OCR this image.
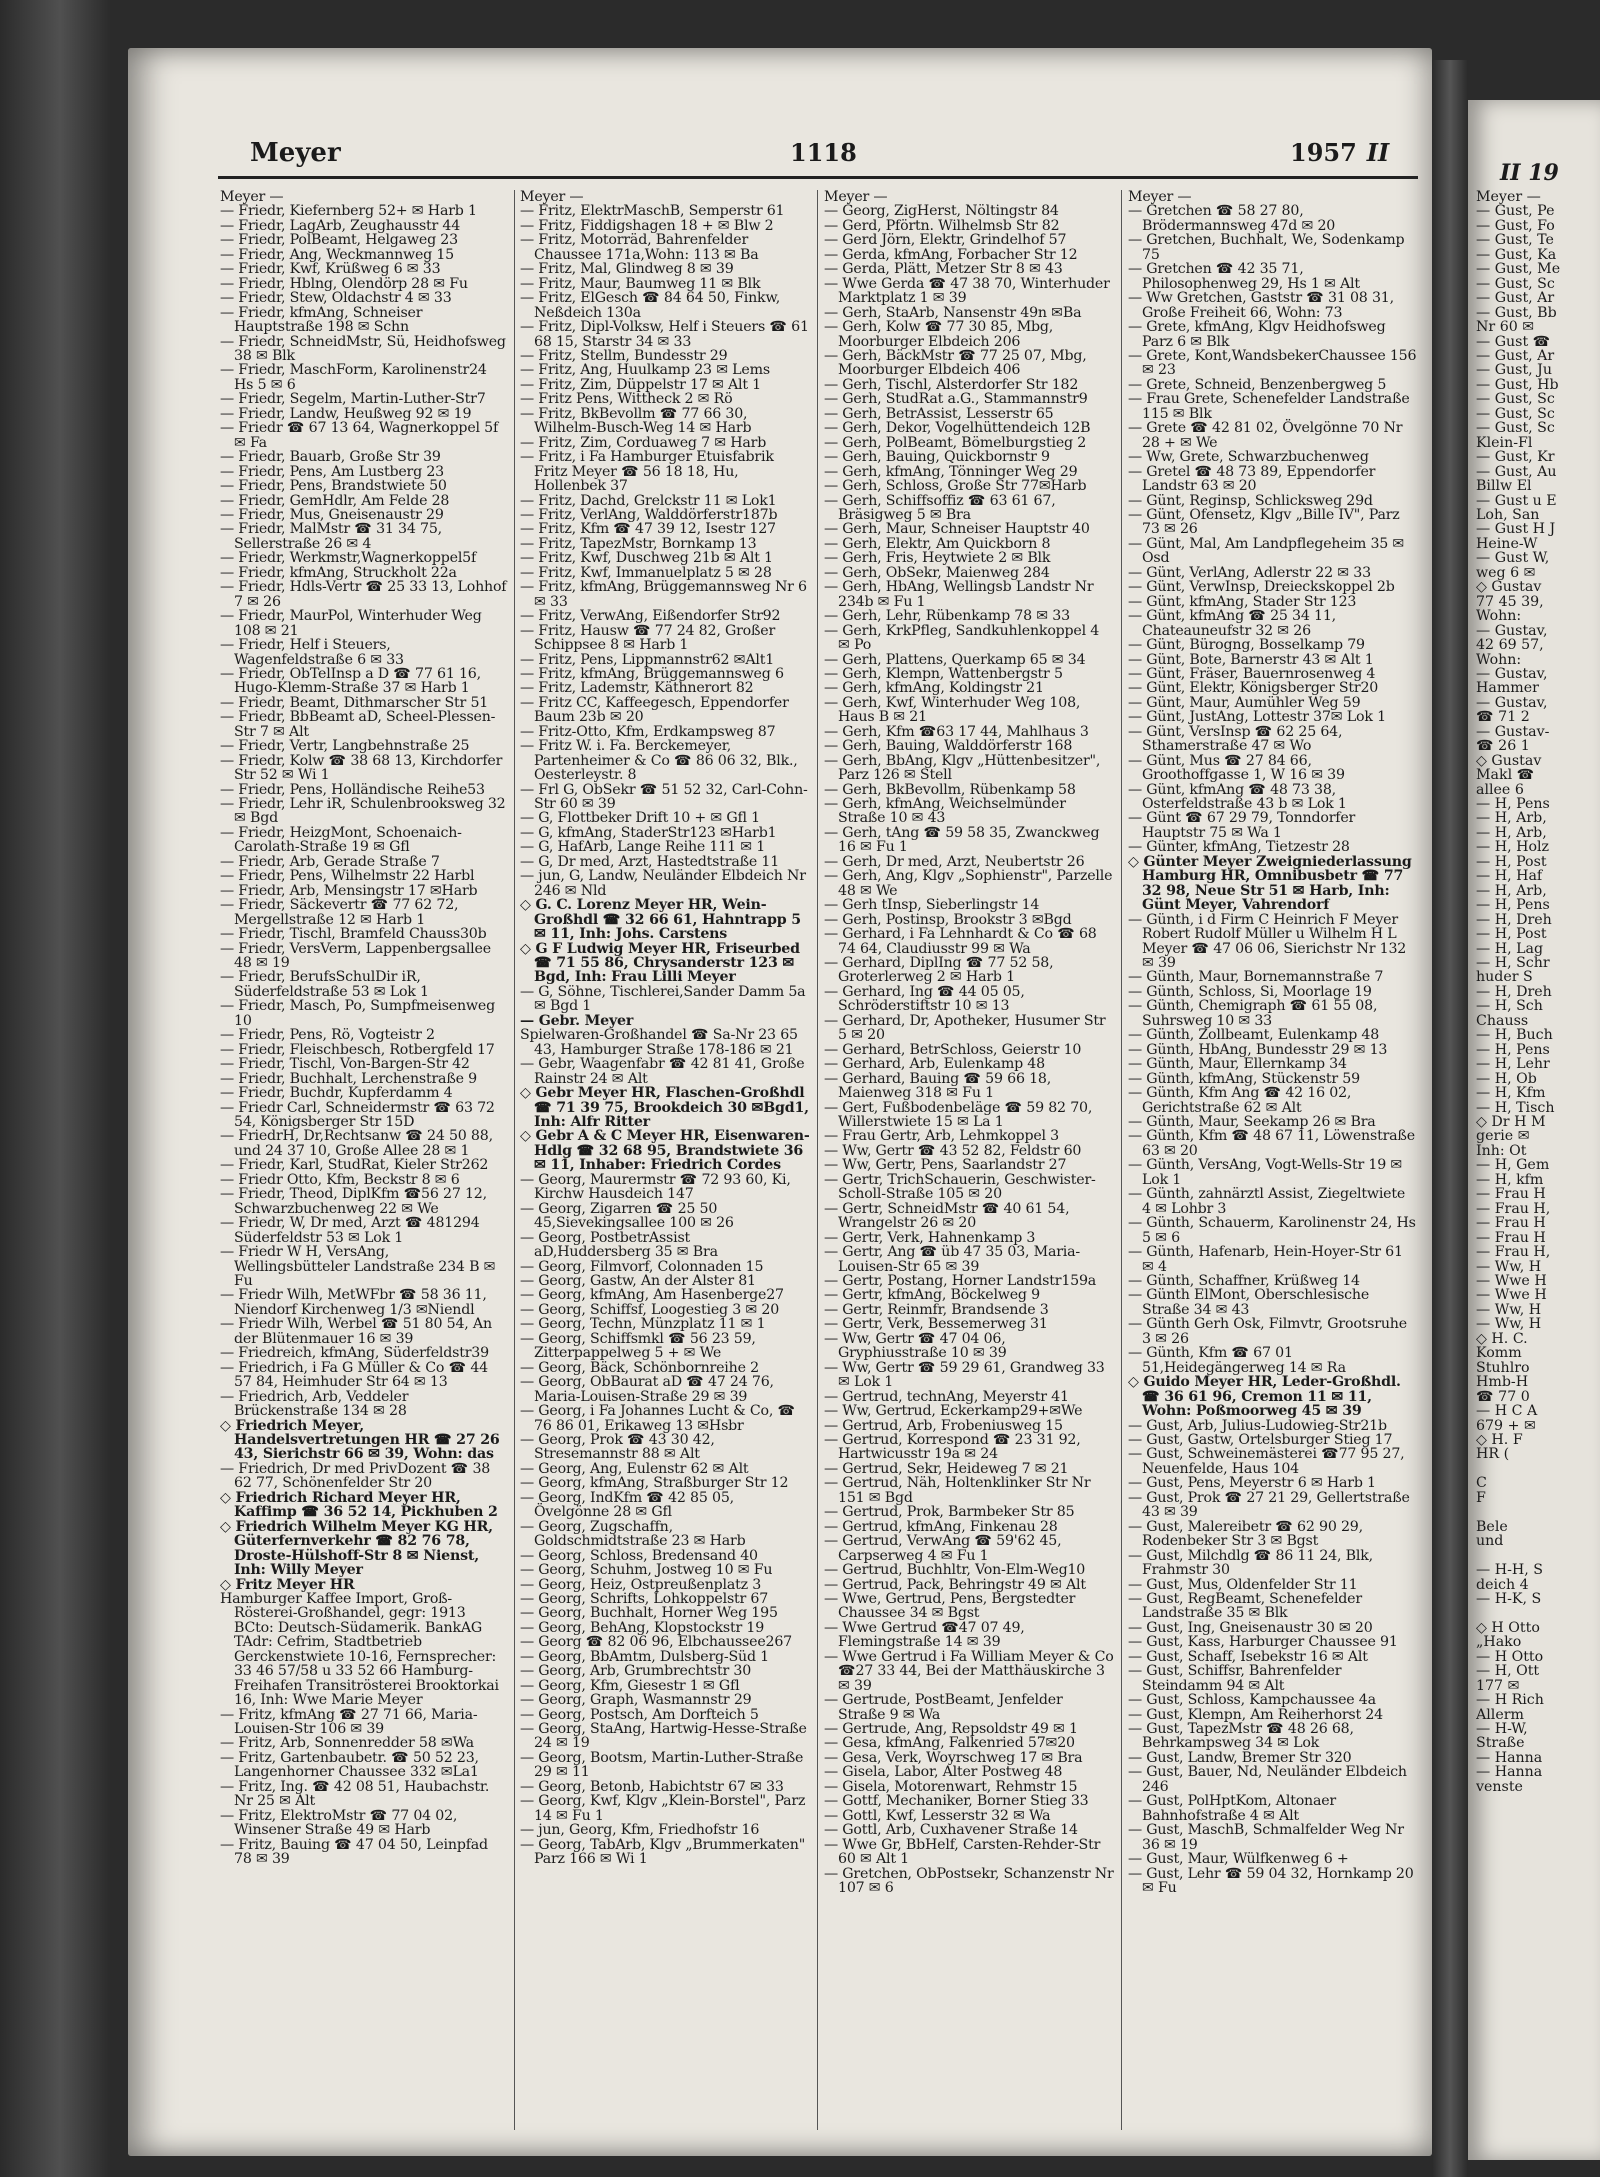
Meyer	1118	1957 II
II 19
Meyer —
— Friedr, Kiefernberg 52+ ✉ Harb 1
— Friedr, LagArb, Zeughausstr 44
— Friedr, PolBeamt, Helgaweg 23
— Friedr, Ang, Weckmannweg 15
— Friedr, Kwf, Krüßweg 6 ✉ 33
— Friedr, Hblng, Olendörp 28 ✉ Fu
— Friedr, Stew, Oldachstr 4 ✉ 33
— Friedr, kfmAng, Schneiser Hauptstraße 198 ✉ Schn
— Friedr, SchneidMstr, Sü, Heidhofsweg 38 ✉ Blk
— Friedr, MaschForm, Karolinenstr24 Hs 5 ✉ 6
— Friedr, Segelm, Martin-Luther-Str7
— Friedr, Landw, Heußweg 92 ✉ 19
— Friedr ☎ 67 13 64, Wagnerkoppel 5f ✉ Fa
— Friedr, Bauarb, Große Str 39
— Friedr, Pens, Am Lustberg 23
— Friedr, Pens, Brandstwiete 50
— Friedr, GemHdlr, Am Felde 28
— Friedr, Mus, Gneisenaustr 29
— Friedr, MalMstr ☎ 31 34 75, Sellerstraße 26 ✉ 4
— Friedr, Werkmstr,Wagnerkoppel5f
— Friedr, kfmAng, Struckholt 22a
— Friedr, Hdls-Vertr ☎ 25 33 13, Lohhof 7 ✉ 26
— Friedr, MaurPol, Winterhuder Weg 108 ✉ 21
— Friedr, Helf i Steuers, Wagenfeldstraße 6 ✉ 33
— Friedr, ObTelInsp a D ☎ 77 61 16, Hugo-Klemm-Straße 37 ✉ Harb 1
— Friedr, Beamt, Dithmarscher Str 51
— Friedr, BbBeamt aD, Scheel-Plessen-Str 7 ✉ Alt
— Friedr, Vertr, Langbehnstraße 25
— Friedr, Kolw ☎ 38 68 13, Kirchdorfer Str 52 ✉ Wi 1
— Friedr, Pens, Holländische Reihe53
— Friedr, Lehr iR, Schulenbrooksweg 32 ✉ Bgd
— Friedr, HeizgMont, Schoenaich-Carolath-Straße 19 ✉ Gfl
— Friedr, Arb, Gerade Straße 7
— Friedr, Pens, Wilhelmstr 22 Harbl
— Friedr, Arb, Mensingstr 17 ✉Harb
— Friedr, Säckevertr ☎ 77 62 72, Mergellstraße 12 ✉ Harb 1
— Friedr, Tischl, Bramfeld Chauss30b
— Friedr, VersVerm, Lappenbergsallee 48 ✉ 19
— Friedr, BerufsSchulDir iR, Süderfeldstraße 53 ✉ Lok 1
— Friedr, Masch, Po, Sumpfmeisenweg 10
— Friedr, Pens, Rö, Vogteistr 2
— Friedr, Fleischbesch, Rotbergfeld 17
— Friedr, Tischl, Von-Bargen-Str 42
— Friedr, Buchhalt, Lerchenstraße 9
— Friedr, Buchdr, Kupferdamm 4
— Friedr Carl, Schneidermstr ☎ 63 72 54, Königsberger Str 15D
— FriedrH, Dr,Rechtsanw ☎ 24 50 88, und 24 37 10, Große Allee 28 ✉ 1
— Friedr, Karl, StudRat, Kieler Str262
— Friedr Otto, Kfm, Beckstr 8 ✉ 6
— Friedr, Theod, DiplKfm ☎56 27 12, Schwarzbuchenweg 22 ✉ We
— Friedr, W, Dr med, Arzt ☎ 481294 Süderfeldstr 53 ✉ Lok 1
— Friedr W H, VersAng, Wellingsbütteler Landstraße 234 B ✉ Fu
— Friedr Wilh, MetWFbr ☎ 58 36 11, Niendorf Kirchenweg 1/3 ✉Niendl
— Friedr Wilh, Werbel ☎ 51 80 54, An der Blütenmauer 16 ✉ 39
— Friedreich, kfmAng, Süderfeldstr39
— Friedrich, i Fa G Müller & Co ☎ 44 57 84, Heimhuder Str 64 ✉ 13
— Friedrich, Arb, Veddeler Brückenstraße 134 ✉ 28
◇ Friedrich Meyer, Handelsvertretungen HR ☎ 27 26 43, Sierichstr 66 ✉ 39, Wohn: das
— Friedrich, Dr med PrivDozent ☎ 38 62 77, Schönenfelder Str 20
◇ Friedrich Richard Meyer HR, Kaffimp ☎ 36 52 14, Pickhuben 2
◇ Friedrich Wilhelm Meyer KG HR, Güterfernverkehr ☎ 82 76 78, Droste-Hülshoff-Str 8 ✉ Nienst, Inh: Willy Meyer
◇ Fritz Meyer HR
Hamburger Kaffee Import, Groß-Rösterei-Großhandel, gegr: 1913 BCto: Deutsch-Südamerik. BankAG TAdr: Cefrim, Stadtbetrieb Gerckenstwiete 10-16, Fernsprecher: 33 46 57/58 u 33 52 66 Hamburg-Freihafen Transitrösterei Brooktorkai 16, Inh: Wwe Marie Meyer
— Fritz, kfmAng ☎ 27 71 66, Maria-Louisen-Str 106 ✉ 39
— Fritz, Arb, Sonnenredder 58 ✉Wa
— Fritz, Gartenbaubetr. ☎ 50 52 23, Langenhorner Chaussee 332 ✉La1
— Fritz, Ing. ☎ 42 08 51, Haubachstr. Nr 25 ✉ Alt
— Fritz, ElektroMstr ☎ 77 04 02, Winsener Straße 49 ✉ Harb
— Fritz, Bauing ☎ 47 04 50, Leinpfad 78 ✉ 39
Meyer —
— Fritz, ElektrMaschB, Semperstr 61
— Fritz, Fiddigshagen 18 + ✉ Blw 2
— Fritz, Motorräd, Bahrenfelder Chaussee 171a,Wohn: 113 ✉ Ba
— Fritz, Mal, Glindweg 8 ✉ 39
— Fritz, Maur, Baumweg 11 ✉ Blk
— Fritz, ElGesch ☎ 84 64 50, Finkw, Neßdeich 130a
— Fritz, Dipl-Volksw, Helf i Steuers ☎ 61 68 15, Starstr 34 ✉ 33
— Fritz, Stellm, Bundesstr 29
— Fritz, Ang, Huulkamp 23 ✉ Lems
— Fritz, Zim, Düppelstr 17 ✉ Alt 1
— Fritz Pens, Wittheck 2 ✉ Rö
— Fritz, BkBevollm ☎ 77 66 30, Wilhelm-Busch-Weg 14 ✉ Harb
— Fritz, Zim, Corduaweg 7 ✉ Harb
— Fritz, i Fa Hamburger Etuisfabrik Fritz Meyer ☎ 56 18 18, Hu, Hollenbek 37
— Fritz, Dachd, Grelckstr 11 ✉ Lok1
— Fritz, VerlAng, Walddörferstr187b
— Fritz, Kfm ☎ 47 39 12, Isestr 127
— Fritz, TapezMstr, Bornkamp 13
— Fritz, Kwf, Duschweg 21b ✉ Alt 1
— Fritz, Kwf, Immanuelplatz 5 ✉ 28
— Fritz, kfmAng, Brüggemannsweg Nr 6 ✉ 33
— Fritz, VerwAng, Eißendorfer Str92
— Fritz, Hausw ☎ 77 24 82, Großer Schippsee 8 ✉ Harb 1
— Fritz, Pens, Lippmannstr62 ✉Alt1
— Fritz, kfmAng, Brüggemannsweg 6
— Fritz, Lademstr, Käthnerort 82
— Fritz CC, Kaffeegesch, Eppendorfer Baum 23b ✉ 20
— Fritz-Otto, Kfm, Erdkampsweg 87
— Fritz W. i. Fa. Berckemeyer, Partenheimer & Co ☎ 86 06 32, Blk., Oesterleystr. 8
— Frl G, ObSekr ☎ 51 52 32, Carl-Cohn-Str 60 ✉ 39
— G, Flottbeker Drift 10 + ✉ Gfl 1
— G, kfmAng, StaderStr123 ✉Harb1
— G, HafArb, Lange Reihe 111 ✉ 1
— G, Dr med, Arzt, Hastedtstraße 11
— jun, G, Landw, Neuländer Elbdeich Nr 246 ✉ Nld
◇ G. C. Lorenz Meyer HR, Wein-Großhdl ☎ 32 66 61, Hahntrapp 5 ✉ 11, Inh: Johs. Carstens
◇ G F Ludwig Meyer HR, Friseurbed ☎ 71 55 86, Chrysanderstr 123 ✉ Bgd, Inh: Frau Lilli Meyer
— G, Söhne, Tischlerei,Sander Damm 5a ✉ Bgd 1
— Gebr. Meyer
Spielwaren-Großhandel ☎ Sa-Nr 23 65 43, Hamburger Straße 178-186 ✉ 21
— Gebr, Waagenfabr ☎ 42 81 41, Große Rainstr 24 ✉ Alt
◇ Gebr Meyer HR, Flaschen-Großhdl ☎ 71 39 75, Brookdeich 30 ✉Bgd1, Inh: Alfr Ritter
◇ Gebr A & C Meyer HR, Eisenwaren-Hdlg ☎ 32 68 95, Brandstwiete 36 ✉ 11, Inhaber: Friedrich Cordes
— Georg, Maurermstr ☎ 72 93 60, Ki, Kirchw Hausdeich 147
— Georg, Zigarren ☎ 25 50 45,Sievekingsallee 100 ✉ 26
— Georg, PostbetrAssist aD,Huddersberg 35 ✉ Bra
— Georg, Filmvorf, Colonnaden 15
— Georg, Gastw, An der Alster 81
— Georg, kfmAng, Am Hasenberge27
— Georg, Schiffsf, Loogestieg 3 ✉ 20
— Georg, Techn, Münzplatz 11 ✉ 1
— Georg, Schiffsmkl ☎ 56 23 59, Zitterpappelweg 5 + ✉ We
— Georg, Bäck, Schönbornreihe 2
— Georg, ObBaurat aD ☎ 47 24 76, Maria-Louisen-Straße 29 ✉ 39
— Georg, i Fa Johannes Lucht & Co, ☎ 76 86 01, Erikaweg 13 ✉Hsbr
— Georg, Prok ☎ 43 30 42, Stresemannstr 88 ✉ Alt
— Georg, Ang, Eulenstr 62 ✉ Alt
— Georg, kfmAng, Straßburger Str 12
— Georg, IndKfm ☎ 42 85 05, Övelgönne 28 ✉ Gfl
— Georg, Zugschaffn, Goldschmidtstraße 23 ✉ Harb
— Georg, Schloss, Bredensand 40
— Georg, Schuhm, Jostweg 10 ✉ Fu
— Georg, Heiz, Ostpreußenplatz 3
— Georg, Schrifts, Lohkoppelstr 67
— Georg, Buchhalt, Horner Weg 195
— Georg, BehAng, Klopstockstr 19
— Georg ☎ 82 06 96, Elbchaussee267
— Georg, BbAmtm, Dulsberg-Süd 1
— Georg, Arb, Grumbrechtstr 30
— Georg, Kfm, Giesestr 1 ✉ Gfl
— Georg, Graph, Wasmannstr 29
— Georg, Postsch, Am Dorfteich 5
— Georg, StaAng, Hartwig-Hesse-Straße 24 ✉ 19
— Georg, Bootsm, Martin-Luther-Straße 29 ✉ 11
— Georg, Betonb, Habichtstr 67 ✉ 33
— Georg, Kwf, Klgv „Klein-Borstel", Parz 14 ✉ Fu 1
— jun, Georg, Kfm, Friedhofstr 16
— Georg, TabArb, Klgv „Brummerkaten" Parz 166 ✉ Wi 1
Meyer —
— Georg, ZigHerst, Nöltingstr 84
— Gerd, Pförtn. Wilhelmsb Str 82
— Gerd Jörn, Elektr, Grindelhof 57
— Gerda, kfmAng, Forbacher Str 12
— Gerda, Plätt, Metzer Str 8 ✉ 43
— Wwe Gerda ☎ 47 38 70, Winterhuder Marktplatz 1 ✉ 39
— Gerh, StaArb, Nansenstr 49n ✉Ba
— Gerh, Kolw ☎ 77 30 85, Mbg, Moorburger Elbdeich 206
— Gerh, BäckMstr ☎ 77 25 07, Mbg, Moorburger Elbdeich 406
— Gerh, Tischl, Alsterdorfer Str 182
— Gerh, StudRat a.G., Stammannstr9
— Gerh, BetrAssist, Lesserstr 65
— Gerh, Dekor, Vogelhüttendeich 12B
— Gerh, PolBeamt, Bömelburgstieg 2
— Gerh, Bauing, Quickbornstr 9
— Gerh, kfmAng, Tönninger Weg 29
— Gerh, Schloss, Große Str 77✉Harb
— Gerh, Schiffsoffiz ☎ 63 61 67, Bräsigweg 5 ✉ Bra
— Gerh, Maur, Schneiser Hauptstr 40
— Gerh, Elektr, Am Quickborn 8
— Gerh, Fris, Heytwiete 2 ✉ Blk
— Gerh, ObSekr, Maienweg 284
— Gerh, HbAng, Wellingsb Landstr Nr 234b ✉ Fu 1
— Gerh, Lehr, Rübenkamp 78 ✉ 33
— Gerh, KrkPfleg, Sandkuhlenkoppel 4 ✉ Po
— Gerh, Plattens, Querkamp 65 ✉ 34
— Gerh, Klempn, Wattenbergstr 5
— Gerh, kfmAng, Koldingstr 21
— Gerh, Kwf, Winterhuder Weg 108, Haus B ✉ 21
— Gerh, Kfm ☎63 17 44, Mahlhaus 3
— Gerh, Bauing, Walddörferstr 168
— Gerh, BbAng, Klgv „Hüttenbesitzer", Parz 126 ✉ Stell
— Gerh, BkBevollm, Rübenkamp 58
— Gerh, kfmAng, Weichselmünder Straße 10 ✉ 43
— Gerh, tAng ☎ 59 58 35, Zwanckweg 16 ✉ Fu 1
— Gerh, Dr med, Arzt, Neubertstr 26
— Gerh, Ang, Klgv „Sophienstr", Parzelle 48 ✉ We
— Gerh tInsp, Sieberlingstr 14
— Gerh, Postinsp, Brookstr 3 ✉Bgd
— Gerhard, i Fa Lehnhardt & Co ☎ 68 74 64, Claudiusstr 99 ✉ Wa
— Gerhard, DiplIng ☎ 77 52 58, Groterlerweg 2 ✉ Harb 1
— Gerhard, Ing ☎ 44 05 05, Schröderstiftstr 10 ✉ 13
— Gerhard, Dr, Apotheker, Husumer Str 5 ✉ 20
— Gerhard, BetrSchloss, Geierstr 10
— Gerhard, Arb, Eulenkamp 48
— Gerhard, Bauing ☎ 59 66 18, Maienweg 318 ✉ Fu 1
— Gert, Fußbodenbeläge ☎ 59 82 70, Willerstwiete 15 ✉ La 1
— Frau Gertr, Arb, Lehmkoppel 3
— Ww, Gertr ☎ 43 52 82, Feldstr 60
— Ww, Gertr, Pens, Saarlandstr 27
— Gertr, TrichSchauerin, Geschwister-Scholl-Straße 105 ✉ 20
— Gertr, SchneidMstr ☎ 40 61 54, Wrangelstr 26 ✉ 20
— Gertr, Verk, Hahnenkamp 3
— Gertr, Ang ☎ üb 47 35 03, Maria-Louisen-Str 65 ✉ 39
— Gertr, Postang, Horner Landstr159a
— Gertr, kfmAng, Böckelweg 9
— Gertr, Reinmfr, Brandsende 3
— Gertr, Verk, Bessemerweg 31
— Ww, Gertr ☎ 47 04 06, Gryphiusstraße 10 ✉ 39
— Ww, Gertr ☎ 59 29 61, Grandweg 33 ✉ Lok 1
— Gertrud, technAng, Meyerstr 41
— Ww, Gertrud, Eckerkamp29+✉We
— Gertrud, Arb, Frobeniusweg 15
— Gertrud, Korrespond ☎ 23 31 92, Hartwicusstr 19a ✉ 24
— Gertrud, Sekr, Heideweg 7 ✉ 21
— Gertrud, Näh, Holtenklinker Str Nr 151 ✉ Bgd
— Gertrud, Prok, Barmbeker Str 85
— Gertrud, kfmAng, Finkenau 28
— Gertrud, VerwAng ☎ 59'62 45, Carpserweg 4 ✉ Fu 1
— Gertrud, Buchhltr, Von-Elm-Weg10
— Gertrud, Pack, Behringstr 49 ✉ Alt
— Wwe, Gertrud, Pens, Bergstedter Chaussee 34 ✉ Bgst
— Wwe Gertrud ☎47 07 49, Flemingstraße 14 ✉ 39
— Wwe Gertrud i Fa William Meyer & Co ☎27 33 44, Bei der Matthäuskirche 3 ✉ 39
— Gertrude, PostBeamt, Jenfelder Straße 9 ✉ Wa
— Gertrude, Ang, Repsoldstr 49 ✉ 1
— Gesa, kfmAng, Falkenried 57✉20
— Gesa, Verk, Woyrschweg 17 ✉ Bra
— Gisela, Labor, Alter Postweg 48
— Gisela, Motorenwart, Rehmstr 15
— Gottf, Mechaniker, Borner Stieg 33
— Gottl, Kwf, Lesserstr 32 ✉ Wa
— Gottl, Arb, Cuxhavener Straße 14
— Wwe Gr, BbHelf, Carsten-Rehder-Str 60 ✉ Alt 1
— Gretchen, ObPostsekr, Schanzenstr Nr 107 ✉ 6
Meyer —
— Gretchen ☎ 58 27 80, Brödermannsweg 47d ✉ 20
— Gretchen, Buchhalt, We, Sodenkamp 75
— Gretchen ☎ 42 35 71, Philosophenweg 29, Hs 1 ✉ Alt
— Ww Gretchen, Gaststr ☎ 31 08 31, Große Freiheit 66, Wohn: 73
— Grete, kfmAng, Klgv Heidhofsweg Parz 6 ✉ Blk
— Grete, Kont,WandsbekerChaussee 156 ✉ 23
— Grete, Schneid, Benzenbergweg 5
— Frau Grete, Schenefelder Landstraße 115 ✉ Blk
— Grete ☎ 42 81 02, Övelgönne 70 Nr 28 + ✉ We
— Ww, Grete, Schwarzbuchenweg
— Gretel ☎ 48 73 89, Eppendorfer Landstr 63 ✉ 20
— Günt, Reginsp, Schlicksweg 29d
— Günt, Ofensetz, Klgv „Bille IV", Parz 73 ✉ 26
— Günt, Mal, Am Landpflegeheim 35 ✉ Osd
— Günt, VerlAng, Adlerstr 22 ✉ 33
— Günt, VerwInsp, Dreieckskoppel 2b
— Günt, kfmAng, Stader Str 123
— Günt, kfmAng ☎ 25 34 11, Chateauneufstr 32 ✉ 26
— Günt, Bürogng, Bosselkamp 79
— Günt, Bote, Barnerstr 43 ✉ Alt 1
— Günt, Fräser, Bauernrosenweg 4
— Günt, Elektr, Königsberger Str20
— Günt, Maur, Aumühler Weg 59
— Günt, JustAng, Lottestr 37✉ Lok 1
— Günt, VersInsp ☎ 62 25 64, Sthamerstraße 47 ✉ Wo
— Günt, Mus ☎ 27 84 66, Groothoffgasse 1, W 16 ✉ 39
— Günt, kfmAng ☎ 48 73 38, Osterfeldstraße 43 b ✉ Lok 1
— Günt ☎ 67 29 79, Tonndorfer Hauptstr 75 ✉ Wa 1
— Günter, kfmAng, Tietzestr 28
◇ Günter Meyer Zweigniederlassung Hamburg HR, Omnibusbetr ☎ 77 32 98, Neue Str 51 ✉ Harb, Inh: Günt Meyer, Vahrendorf
— Günth, i d Firm C Heinrich F Meyer Robert Rudolf Müller u Wilhelm H L Meyer ☎ 47 06 06, Sierichstr Nr 132 ✉ 39
— Günth, Maur, Bornemannstraße 7
— Günth, Schloss, Si, Moorlage 19
— Günth, Chemigraph ☎ 61 55 08, Suhrsweg 10 ✉ 33
— Günth, Zollbeamt, Eulenkamp 48
— Günth, HbAng, Bundesstr 29 ✉ 13
— Günth, Maur, Ellernkamp 34
— Günth, kfmAng, Stückenstr 59
— Günth, Kfm Ang ☎ 42 16 02, Gerichtstraße 62 ✉ Alt
— Günth, Maur, Seekamp 26 ✉ Bra
— Günth, Kfm ☎ 48 67 11, Löwenstraße 63 ✉ 20
— Günth, VersAng, Vogt-Wells-Str 19 ✉ Lok 1
— Günth, zahnärztl Assist, Ziegeltwiete 4 ✉ Lohbr 3
— Günth, Schauerm, Karolinenstr 24, Hs 5 ✉ 6
— Günth, Hafenarb, Hein-Hoyer-Str 61 ✉ 4
— Günth, Schaffner, Krüßweg 14
— Günth ElMont, Oberschlesische Straße 34 ✉ 43
— Günth Gerh Osk, Filmvtr, Grootsruhe 3 ✉ 26
— Günth, Kfm ☎ 67 01 51,Heidegängerweg 14 ✉ Ra
◇ Guido Meyer HR, Leder-Großhdl. ☎ 36 61 96, Cremon 11 ✉ 11, Wohn: Poßmoorweg 45 ✉ 39
— Gust, Arb, Julius-Ludowieg-Str21b
— Gust, Gastw, Ortelsburger Stieg 17
— Gust, Schweinemästerei ☎77 95 27, Neuenfelde, Haus 104
— Gust, Pens, Meyerstr 6 ✉ Harb 1
— Gust, Prok ☎ 27 21 29, Gellertstraße 43 ✉ 39
— Gust, Malereibetr ☎ 62 90 29, Rodenbeker Str 3 ✉ Bgst
— Gust, Milchdlg ☎ 86 11 24, Blk, Frahmstr 30
— Gust, Mus, Oldenfelder Str 11
— Gust, RegBeamt, Schenefelder Landstraße 35 ✉ Blk
— Gust, Ing, Gneisenaustr 30 ✉ 20
— Gust, Kass, Harburger Chaussee 91
— Gust, Schaff, Isebekstr 16 ✉ Alt
— Gust, Schiffsr, Bahrenfelder Steindamm 94 ✉ Alt
— Gust, Schloss, Kampchaussee 4a
— Gust, Klempn, Am Reiherhorst 24
— Gust, TapezMstr ☎ 48 26 68, Behrkampsweg 34 ✉ Lok
— Gust, Landw, Bremer Str 320
— Gust, Bauer, Nd, Neuländer Elbdeich 246
— Gust, PolHptKom, Altonaer Bahnhofstraße 4 ✉ Alt
— Gust, MaschB, Schmalfelder Weg Nr 36 ✉ 19
— Gust, Maur, Wülfkenweg 6 +
— Gust, Lehr ☎ 59 04 32, Hornkamp 20 ✉ Fu
Meyer —
— Gust, Pe
— Gust, Fo
— Gust, Te
— Gust, Ka
— Gust, Me
— Gust, Sc
— Gust, Ar
— Gust, Bb
Nr 60 ✉
— Gust ☎
— Gust, Ar
— Gust, Ju
— Gust, Hb
— Gust, Sc
— Gust, Sc
— Gust, Sc
Klein-Fl
— Gust, Kr
— Gust, Au
Billw El
— Gust u E
Loh, San
— Gust H J
Heine-W
— Gust W,
weg 6 ✉
◇ Gustav
77 45 39,
Wohn:
— Gustav,
42 69 57,
Wohn:
— Gustav,
Hammer
— Gustav,
☎ 71 2
— Gustav-
☎ 26 1
◇ Gustav
Makl ☎
allee 6
— H, Pens
— H, Arb,
— H, Arb,
— H, Holz
— H, Post
— H, Haf
— H, Arb,
— H, Pens
— H, Dreh
— H, Post
— H, Lag
— H, Schr
huder S
— H, Dreh
— H, Sch
Chauss
— H, Buch
— H, Pens
— H, Lehr
— H, Ob
— H, Kfm
— H, Tisch
◇ Dr H M
gerie ✉
Inh: Ot
— H, Gem
— H, kfm
— Frau H
— Frau H,
— Frau H
— Frau H
— Frau H,
— Ww, H
— Wwe H
— Wwe H
— Ww, H
— Ww, H
◇ H. C.
Komm
Stuhlro
Hmb-H
☎ 77 0
— H C A
679 + ✉
◇ H. F
HR (

C
F

Bele
und

— H-H, S
deich 4
— H-K, S

◇ H Otto
„Hako
— H Otto
— H, Ott
177 ✉
— H Rich
Allerm
— H-W,
Straße
— Hanna
— Hanna
venste
